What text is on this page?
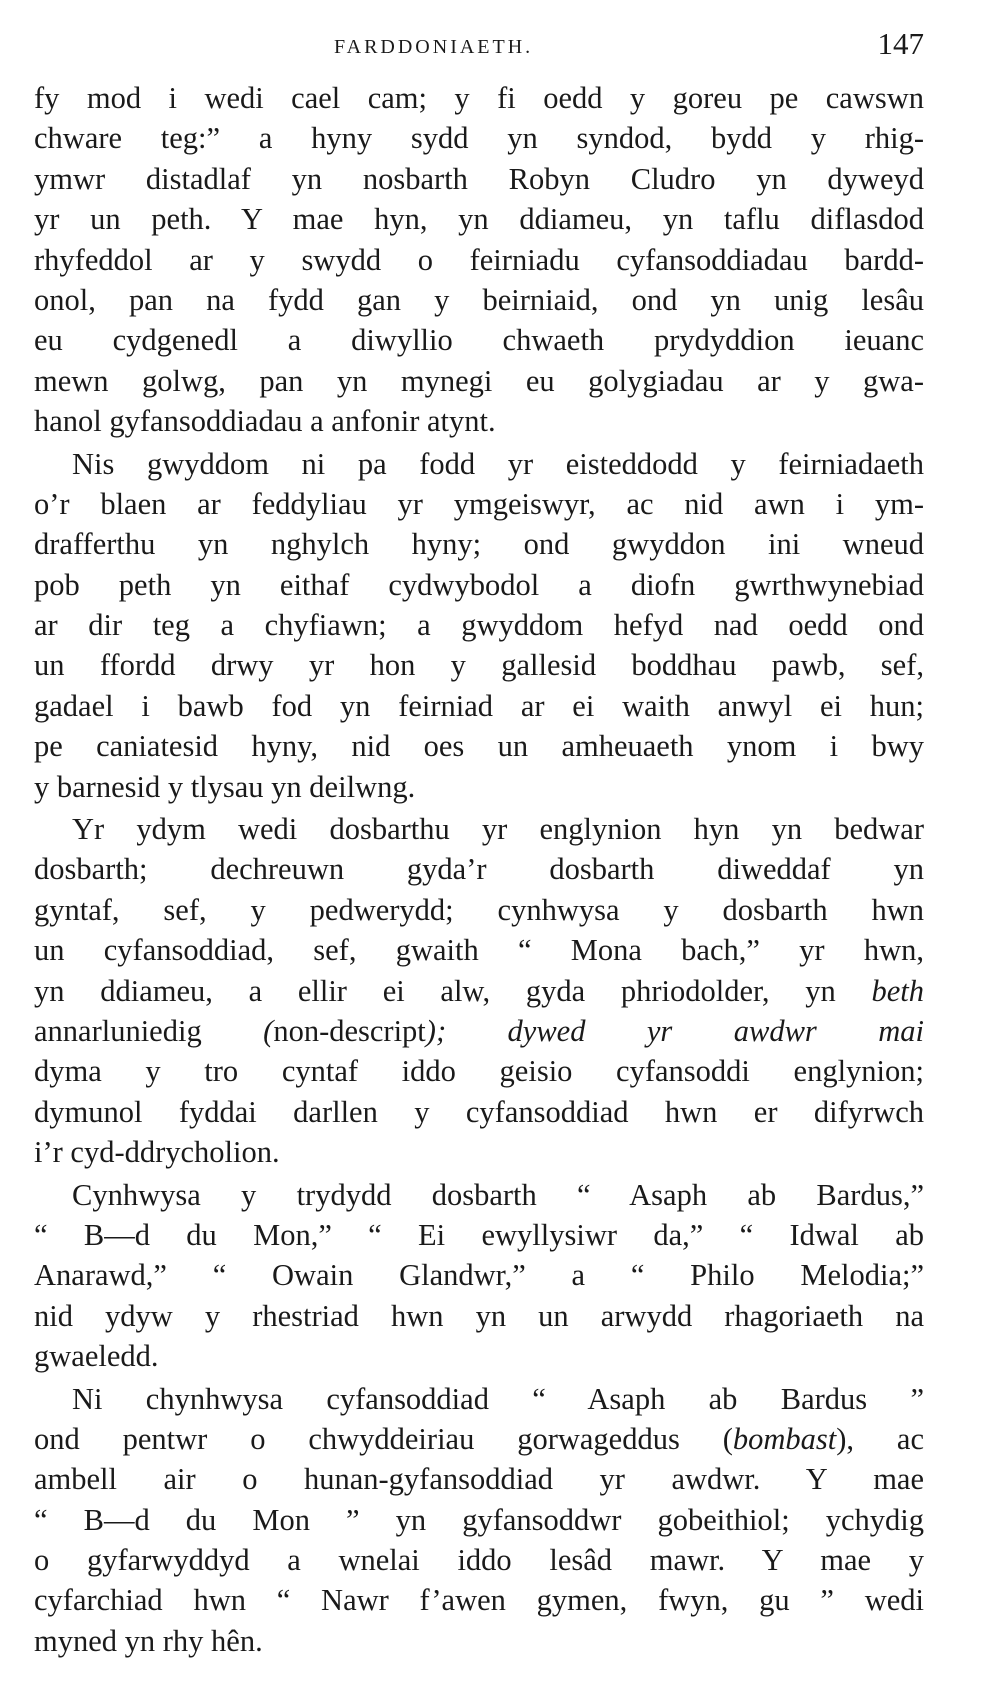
FARDDONIAETH.	147
fy mod i wedi cael cam; y fi oedd y goreu pe cawswn
chware teg:” a hyny sydd yn syndod, bydd y rhig-
ymwr distadlaf yn nosbarth Robyn Cludro yn dyweyd
yr un peth. Y mae hyn, yn ddiameu, yn taflu diflasdod
rhyfeddol ar y swydd o feirniadu cyfansoddiadau bardd-
onol, pan na fydd gan y beirniaid, ond yn unig lesâu
eu cydgenedl a diwyllio chwaeth prydyddion ieuanc
mewn golwg, pan yn mynegi eu golygiadau ar y gwa-
hanol gyfansoddiadau a anfonir atynt.
Nis gwyddom ni pa fodd yr eisteddodd y feirniadaeth
o’r blaen ar feddyliau yr ymgeiswyr, ac nid awn i ym-
drafferthu yn nghylch hyny; ond gwyddon ini wneud
pob peth yn eithaf cydwybodol a diofn gwrthwynebiad
ar dir teg a chyfiawn; a gwyddom hefyd nad oedd ond
un ffordd drwy yr hon y gallesid boddhau pawb, sef,
gadael i bawb fod yn feirniad ar ei waith anwyl ei hun;
pe caniatesid hyny, nid oes un amheuaeth ynom i bwy
y barnesid y tlysau yn deilwng.
Yr ydym wedi dosbarthu yr englynion hyn yn bedwar
dosbarth; dechreuwn gyda’r dosbarth diweddaf yn
gyntaf, sef, y pedwerydd; cynhwysa y dosbarth hwn
un cyfansoddiad, sef, gwaith “ Mona bach,” yr hwn,
yn ddiameu, a ellir ei alw, gyda phriodolder, yn beth
annarluniedig (non-descript); dywed yr awdwr mai
dyma y tro cyntaf iddo geisio cyfansoddi englynion;
dymunol fyddai darllen y cyfansoddiad hwn er difyrwch
i’r cyd-ddrycholion.
Cynhwysa y trydydd dosbarth “ Asaph ab Bardus,”
“ B—d du Mon,” “ Ei ewyllysiwr da,” “ Idwal ab
Anarawd,” “ Owain Glandwr,” a “ Philo Melodia;”
nid ydyw y rhestriad hwn yn un arwydd rhagoriaeth na
gwaeledd.
Ni chynhwysa cyfansoddiad “ Asaph ab Bardus ”
ond pentwr o chwyddeiriau gorwageddus (bombast), ac
ambell air o hunan-gyfansoddiad yr awdwr. Y mae
“ B—d du Mon ” yn gyfansoddwr gobeithiol; ychydig
o gyfarwyddyd a wnelai iddo lesâd mawr. Y mae y
cyfarchiad hwn “ Nawr f’awen gymen, fwyn, gu ” wedi
myned yn rhy hên.
